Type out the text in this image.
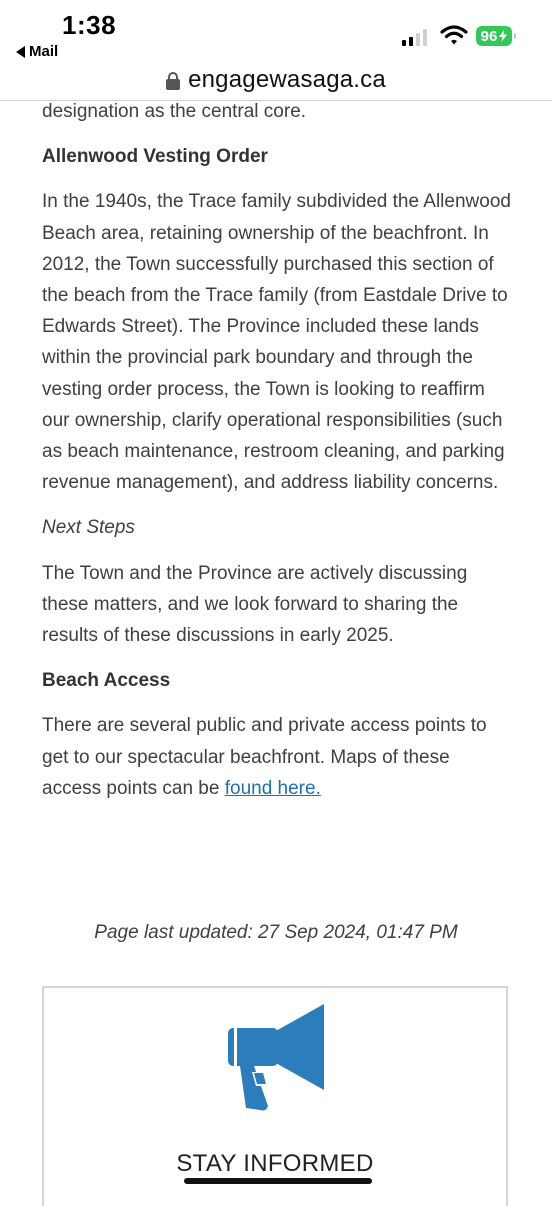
1:38
Mail
96
engagewasaga.ca

designation as the central core.

Allenwood Vesting Order

In the 1940s, the Trace family subdivided the Allenwood Beach area, retaining ownership of the beachfront. In 2012, the Town successfully purchased this section of the beach from the Trace family (from Eastdale Drive to Edwards Street). The Province included these lands within the provincial park boundary and through the vesting order process, the Town is looking to reaffirm our ownership, clarify operational responsibilities (such as beach maintenance, restroom cleaning, and parking revenue management), and address liability concerns.

Next Steps

The Town and the Province are actively discussing these matters, and we look forward to sharing the results of these discussions in early 2025.

Beach Access

There are several public and private access points to get to our spectacular beachfront. Maps of these access points can be found here.

Page last updated: 27 Sep 2024, 01:47 PM
STAY INFORMED
